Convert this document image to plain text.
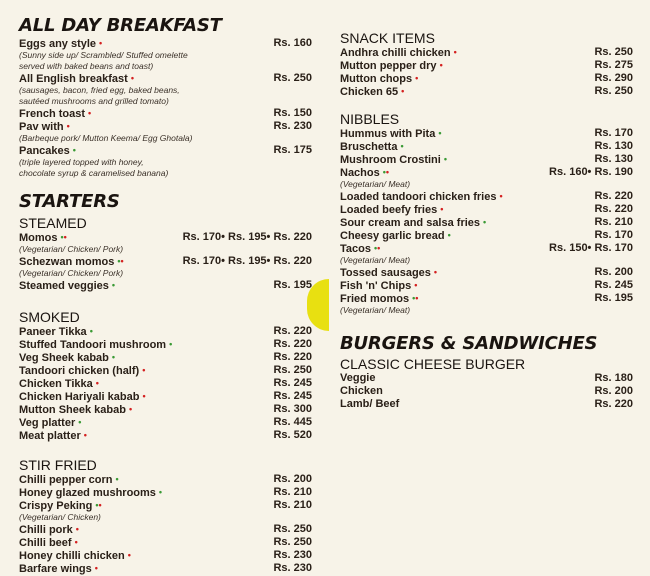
ALL DAY BREAKFAST
Eggs any style •	Rs. 160

(Sunny side up/ Scrambled/ Stuffed omelette

served with baked beans and toast)

All English breakfast •	Rs. 250

(sausages, bacon, fried egg, baked beans,

sautéed mushrooms and grilled tomato)

French toast •	Rs. 150
Pav with •	Rs. 230

(Barbeque pork/ Mutton Keema/ Egg Ghotala)

Pancakes •	Rs. 175

(triple layered topped with honey,

chocolate syrup & caramelised banana)

STARTERS
STEAMED
Momos ••	Rs. 170• Rs. 195• Rs. 220

(Vegetarian/ Chicken/ Pork)

Schezwan momos ••	Rs. 170• Rs. 195• Rs. 220

(Vegetarian/ Chicken/ Pork)

Steamed veggies •	Rs. 195
SMOKED
Paneer Tikka •	Rs. 220
Stuffed Tandoori mushroom •	Rs. 220
Veg Sheek kabab •	Rs. 220
Tandoori chicken (half) •	Rs. 250
Chicken Tikka •	Rs. 245
Chicken Hariyali kabab •	Rs. 245
Mutton Sheek kabab •	Rs. 300
Veg platter •	Rs. 445
Meat platter •	Rs. 520
STIR FRIED
Chilli pepper corn •	Rs. 200
Honey glazed mushrooms •	Rs. 210
Crispy Peking ••	Rs. 210

(Vegetarian/ Chicken)

Chilli pork •	Rs. 250
Chilli beef •	Rs. 250
Honey chilli chicken •	Rs. 230
Barfare wings •	Rs. 230
SNACK ITEMS
Andhra chilli chicken •	Rs. 250
Mutton pepper dry •	Rs. 275
Mutton chops •	Rs. 290
Chicken 65 •	Rs. 250
NIBBLES
Hummus with Pita •	Rs. 170
Bruschetta •	Rs. 130
Mushroom Crostini •	Rs. 130
Nachos ••	Rs. 160• Rs. 190

(Vegetarian/ Meat)

Loaded tandoori chicken fries •	Rs. 220
Loaded beefy fries •	Rs. 220
Sour cream and salsa fries •	Rs. 210
Cheesy garlic bread •	Rs. 170
Tacos ••	Rs. 150• Rs. 170

(Vegetarian/ Meat)

Tossed sausages •	Rs. 200
Fish 'n' Chips •	Rs. 245
Fried momos ••	Rs. 195

(Vegetarian/ Meat)

BURGERS & SANDWICHES
CLASSIC CHEESE BURGER
Veggie	Rs. 180
Chicken	Rs. 200
Lamb/ Beef	Rs. 220
